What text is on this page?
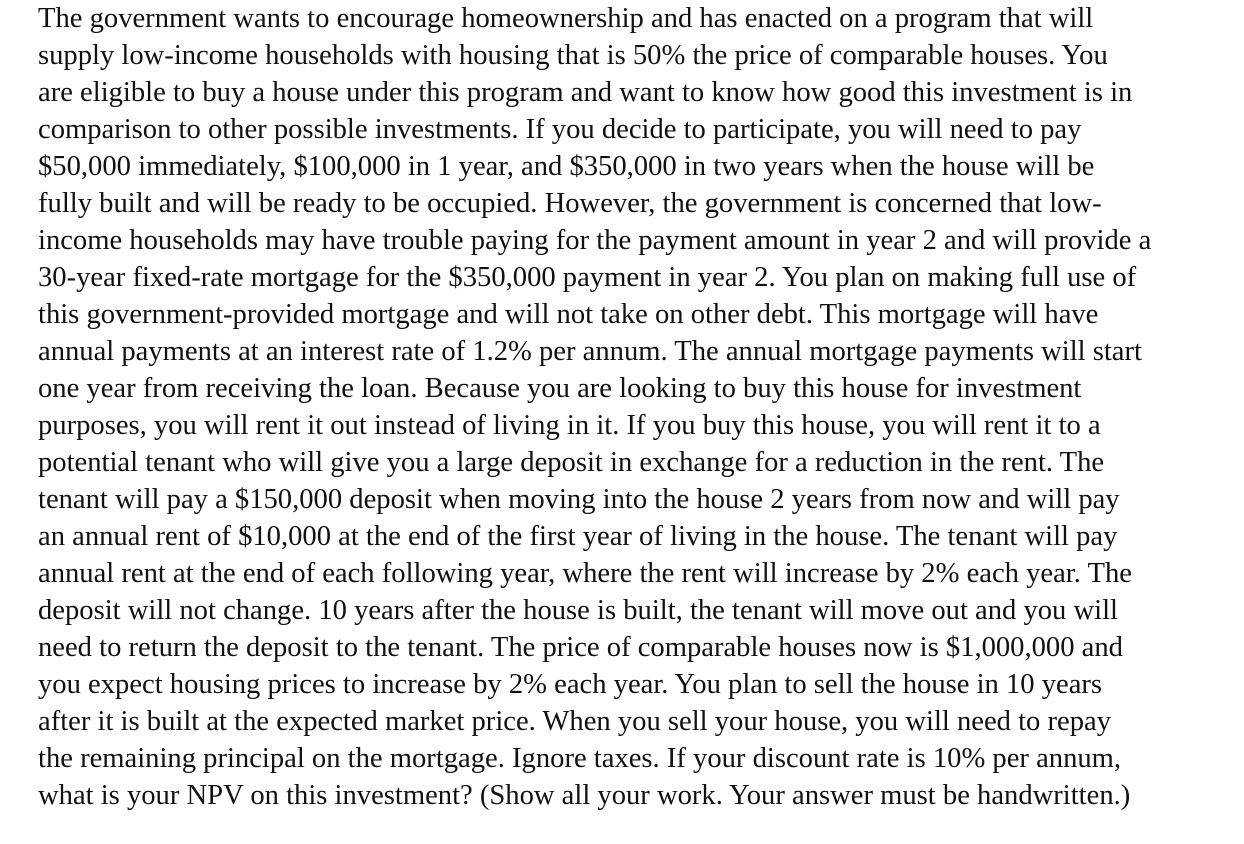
The government wants to encourage homeownership and has enacted on a program that will
supply low-income households with housing that is 50% the price of comparable houses. You
are eligible to buy a house under this program and want to know how good this investment is in
comparison to other possible investments. If you decide to participate, you will need to pay
$50,000 immediately, $100,000 in 1 year, and $350,000 in two years when the house will be
fully built and will be ready to be occupied. However, the government is concerned that low-
income households may have trouble paying for the payment amount in year 2 and will provide a
30-year fixed-rate mortgage for the $350,000 payment in year 2. You plan on making full use of
this government-provided mortgage and will not take on other debt. This mortgage will have
annual payments at an interest rate of 1.2% per annum. The annual mortgage payments will start
one year from receiving the loan. Because you are looking to buy this house for investment
purposes, you will rent it out instead of living in it. If you buy this house, you will rent it to a
potential tenant who will give you a large deposit in exchange for a reduction in the rent. The
tenant will pay a $150,000 deposit when moving into the house 2 years from now and will pay
an annual rent of $10,000 at the end of the first year of living in the house. The tenant will pay
annual rent at the end of each following year, where the rent will increase by 2% each year. The
deposit will not change. 10 years after the house is built, the tenant will move out and you will
need to return the deposit to the tenant. The price of comparable houses now is $1,000,000 and
you expect housing prices to increase by 2% each year. You plan to sell the house in 10 years
after it is built at the expected market price. When you sell your house, you will need to repay
the remaining principal on the mortgage. Ignore taxes. If your discount rate is 10% per annum,
what is your NPV on this investment? (Show all your work. Your answer must be handwritten.)
